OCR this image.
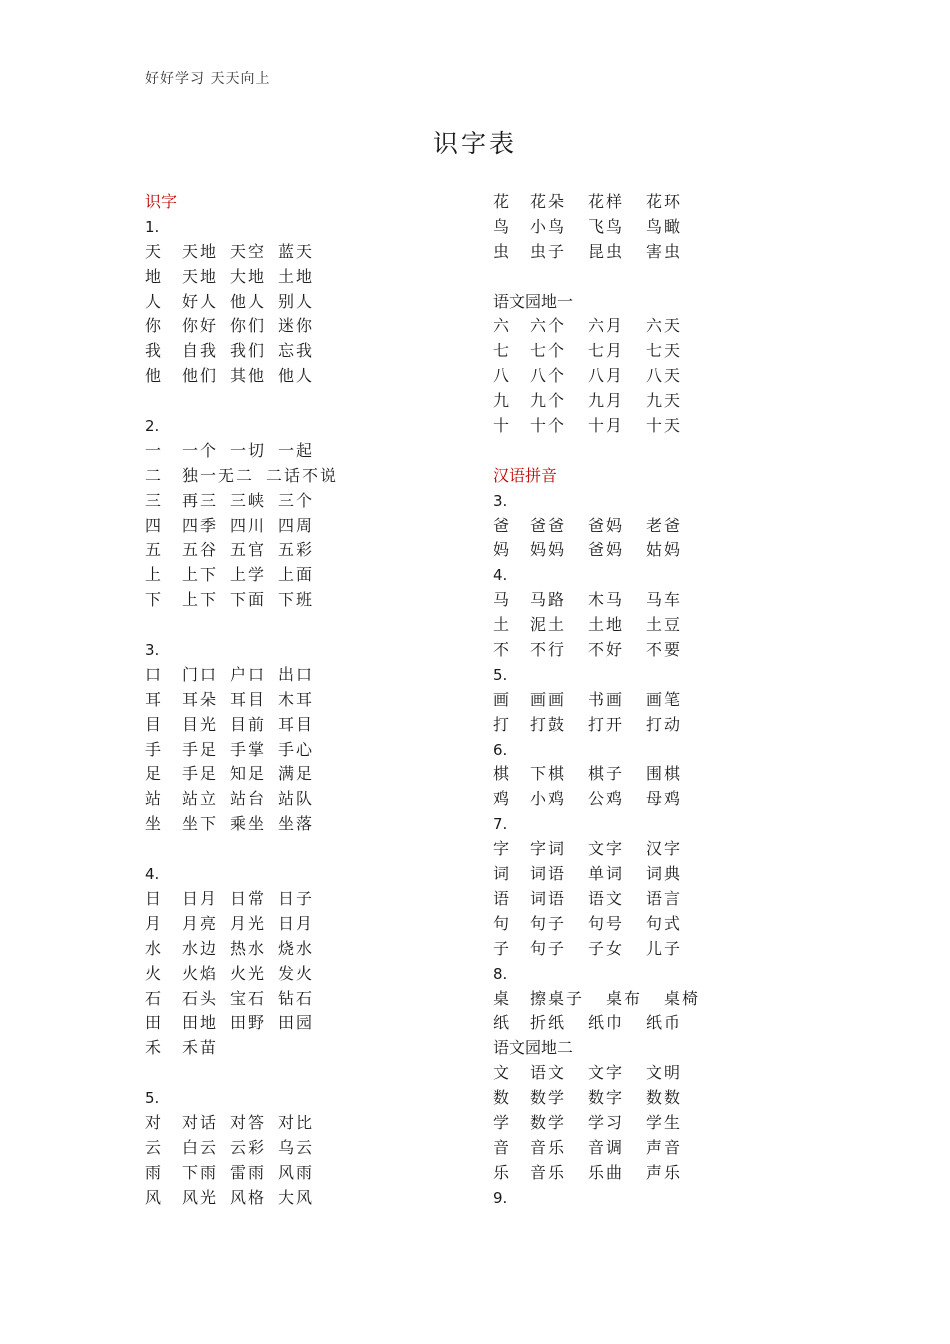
好好学习 天天向上
识字表
识字
1.
天 天地 天空 蓝天
地 天地 大地 土地
人 好人 他人 别人
你 你好 你们 迷你
我 自我 我们 忘我
他 他们 其他 他人
2.
一 一个 一切 一起
二 独一无二 二话不说
三 再三 三峡 三个
四 四季 四川 四周
五 五谷 五官 五彩
上 上下 上学 上面
下 上下 下面 下班
3.
口 门口 户口 出口
耳 耳朵 耳目 木耳
目 目光 目前 耳目
手 手足 手掌 手心
足 手足 知足 满足
站 站立 站台 站队
坐 坐下 乘坐 坐落
4.
日 日月 日常 日子
月 月亮 月光 日月
水 水边 热水 烧水
火 火焰 火光 发火
石 石头 宝石 钻石
田 田地 田野 田园
禾 禾苗
5.
对 对话 对答 对比
云 白云 云彩 乌云
雨 下雨 雷雨 风雨
风 风光 风格 大风
花 花朵 花样 花环
鸟 小鸟 飞鸟 鸟瞰
虫 虫子 昆虫 害虫
语文园地一
六 六个 六月 六天
七 七个 七月 七天
八 八个 八月 八天
九 九个 九月 九天
十 十个 十月 十天
汉语拼音
3.
爸 爸爸 爸妈 老爸
妈 妈妈 爸妈 姑妈
4.
马 马路 木马 马车
土 泥土 土地 土豆
不 不行 不好 不要
5.
画 画画 书画 画笔
打 打鼓 打开 打动
6.
棋 下棋 棋子 围棋
鸡 小鸡 公鸡 母鸡
7.
字 字词 文字 汉字
词 词语 单词 词典
语 词语 语文 语言
句 句子 句号 句式
子 句子 子女 儿子
8.
桌 擦桌子 桌布 桌椅
纸 折纸 纸巾 纸币
语文园地二
文 语文 文字 文明
数 数学 数字 数数
学 数学 学习 学生
音 音乐 音调 声音
乐 音乐 乐曲 声乐
9.
